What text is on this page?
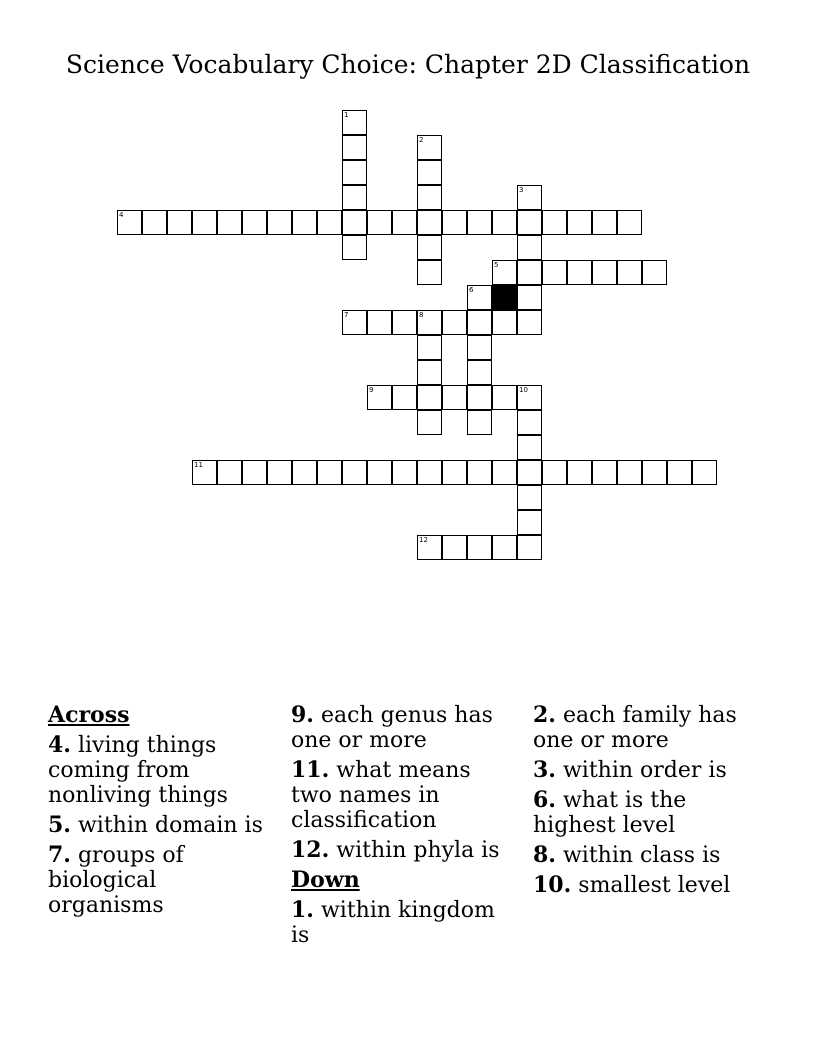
Science Vocabulary Choice: Chapter 2D Classification
4
5
7	8
9	10
11
12
1
2
3
6
Across
4. living things coming from nonliving things
5. within domain is
7. groups of biological organisms
9. each genus has one or more
11. what means two names in classification
12. within phyla is
Down
1. within kingdom is
2. each family has one or more
3. within order is
6. what is the highest level
8. within class is
10. smallest level
